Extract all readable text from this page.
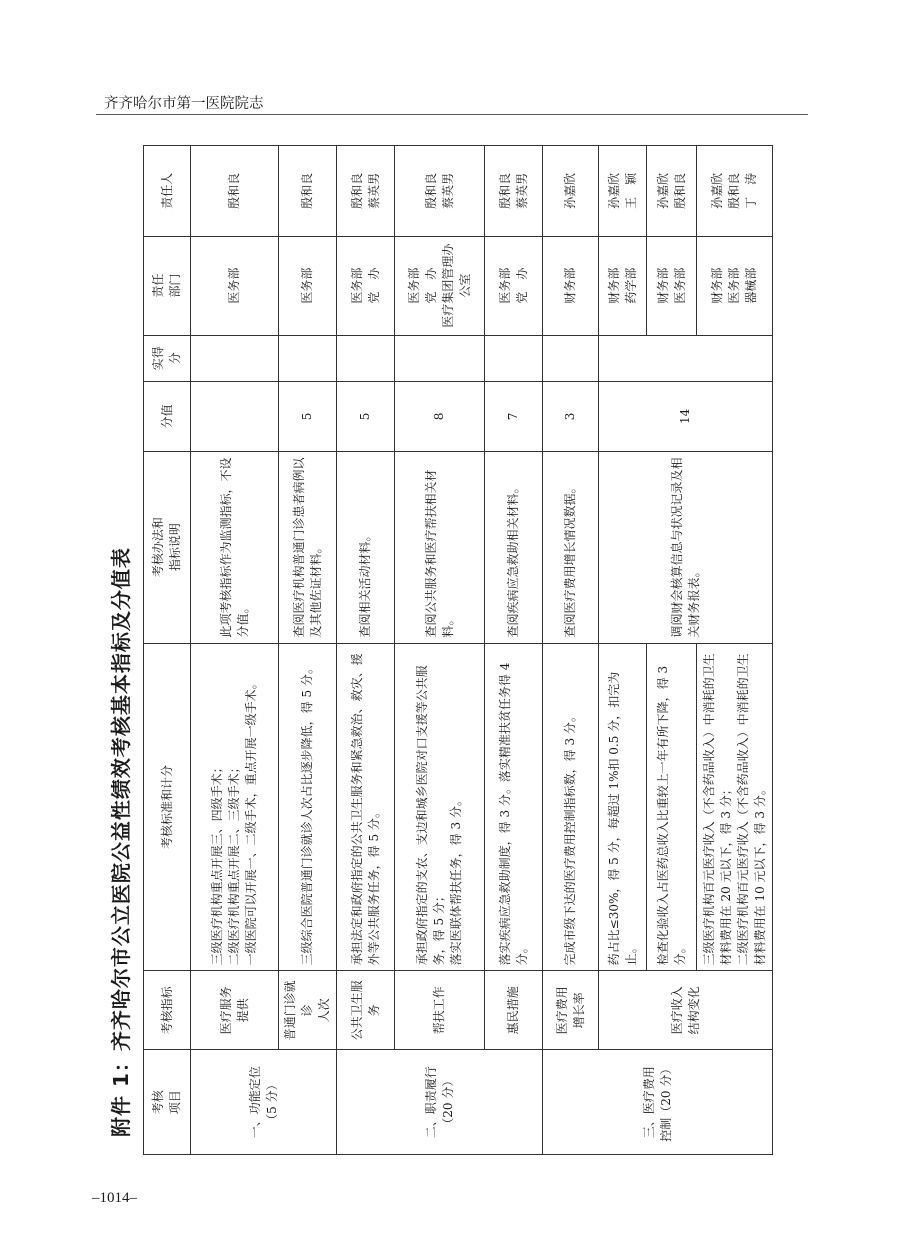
齐齐哈尔市第一医院院志
附件 1：齐齐哈尔市公立医院公益性绩效考核基本指标及分值表	考核
项目	考核指标	考核标准和计分	考核办法和
指标说明	分值	实得
分	责任
部门	责任人
一、功能定位
（5 分）	医疗服务
提供	三级医疗机构重点开展三、四级手术；
二级医疗机构重点开展二、三级手术；
一级医院可以开展一、二级手术，重点开展一级手术。	此项考核指标作为监测指标，不设分值。			医务部	殷和良
	普通门诊就诊
人次	三级综合医院普通门诊就诊人次占比逐步降低，得 5 分。	查阅医疗机构普通门诊患者病例以及其他佐证材料。	5		医务部	殷和良
二、职责履行
（20 分）	公共卫生服
务	承担法定和政府指定的公共卫生服务和紧急救治、救灾、援外等公共服务任务，得 5 分。	查阅相关活动材料。	5		医务部
党　办	殷和良
蔡英男
	帮扶工作	承担政府指定的支农、支边和城乡医院对口支援等公共服务，得 5 分；
落实医联体帮扶任务，得 3 分。	查阅公共服务和医疗帮扶相关材料。	8		医务部
党　办
医疗集团管理办公室	殷和良
蔡英男
	惠民措施	落实疾病应急救助制度，得 3 分。落实精准扶贫任务得 4 分。	查阅疾病应急救助相关材料。	7		医务部
党　办	殷和良
蔡英男
三、医疗费用
控制（20 分）	医疗费用
增长率	完成市级下达的医疗费用控制指标数，得 3 分。	查阅医疗费用增长情况数据。	3		财务部	孙嘉欣
	医疗收入
结构变化	药占比≤30%，得 5 分，每超过 1%扣 0.5 分，扣完为止。	调阅财会核算信息与状况记录及相关财务报表。	14		财务部
药学部	孙嘉欣
王　颖
		检查化验收入占医药总收入比重较上一年有所下降，得 3 分。				财务部
医务部	孙嘉欣
殷和良
		三级医疗机构百元医疗收入（不含药品收入）中消耗的卫生材料费用在 20 元以下，得 3 分；
二级医疗机构百元医疗收入（不含药品收入）中消耗的卫生材料费用在 10 元以下，得 3 分。				财务部
医务部
器械部	孙嘉欣
殷和良
丁　涛
–1014–
